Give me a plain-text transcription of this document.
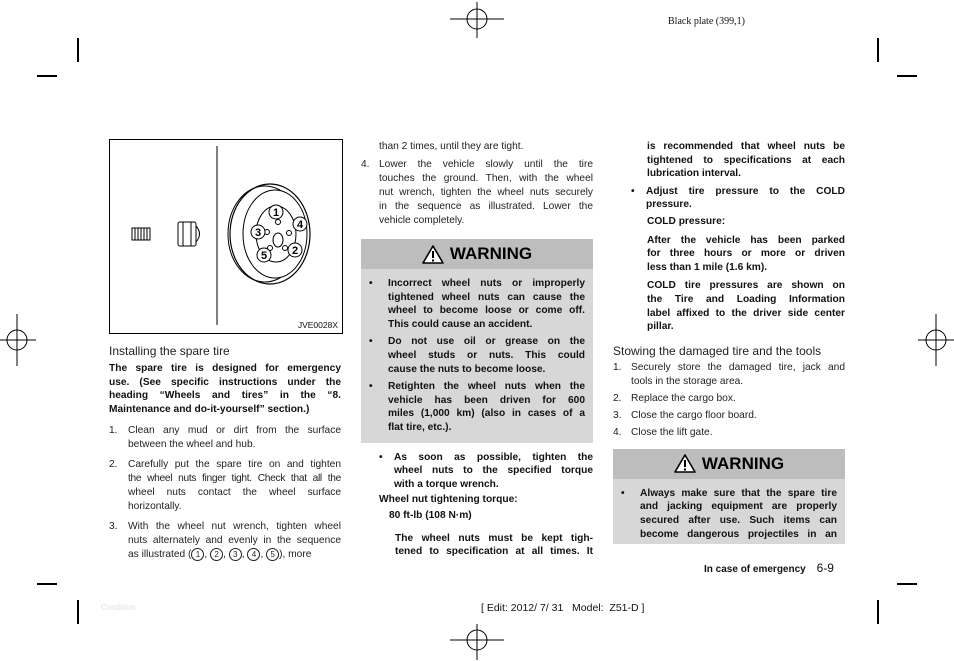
Black plate (399,1)
1
4
2
3
5
JVE0028X
Installing the spare tire
The spare tire is designed for emergency
use. (See specific instructions under the
heading “Wheels and tires” in the “8.
Maintenance and do-it-yourself” section.)
1. Clean any mud or dirt from the surface
between the wheel and hub.
2. Carefully put the spare tire on and tighten
the wheel nuts finger tight. Check that all the
wheel nuts contact the wheel surface
horizontally.
3. With the wheel nut wrench, tighten wheel
nuts alternately and evenly in the sequence
as illustrated ( 1 , 2 , 3 , 4 , 5 ), more
than 2 times, until they are tight.
4. Lower the vehicle slowly until the tire
touches the ground. Then, with the wheel
nut wrench, tighten the wheel nuts securely
in the sequence as illustrated. Lower the
vehicle completely.
WARNING
• Incorrect wheel nuts or improperly
tightened wheel nuts can cause the
wheel to become loose or come off.
This could cause an accident.
• Do not use oil or grease on the
wheel studs or nuts. This could
cause the nuts to become loose.
• Retighten the wheel nuts when the
vehicle has been driven for 600
miles (1,000 km) (also in cases of a
flat tire, etc.).
• As soon as possible, tighten the
wheel nuts to the specified torque
with a torque wrench.
Wheel nut tightening torque:
80 ft-lb (108 N·m)
The wheel nuts must be kept tigh-
tened to specification at all times. It
is recommended that wheel nuts be
tightened to specifications at each
lubrication interval.
• Adjust tire pressure to the COLD
pressure.
COLD pressure:
After the vehicle has been parked
for three hours or more or driven
less than 1 mile (1.6 km).
COLD tire pressures are shown on
the Tire and Loading Information
label affixed to the driver side center
pillar.
Stowing the damaged tire and the tools
1. Securely store the damaged tire, jack and
tools in the storage area.
2. Replace the cargo box.
3. Close the cargo floor board.
4. Close the lift gate.
WARNING
• Always make sure that the spare tire
and jacking equipment are properly
secured after use. Such items can
become dangerous projectiles in an
In case of emergency 6-9
Condition:	[ Edit: 2012/ 7/ 31   Model:  Z51-D ]
